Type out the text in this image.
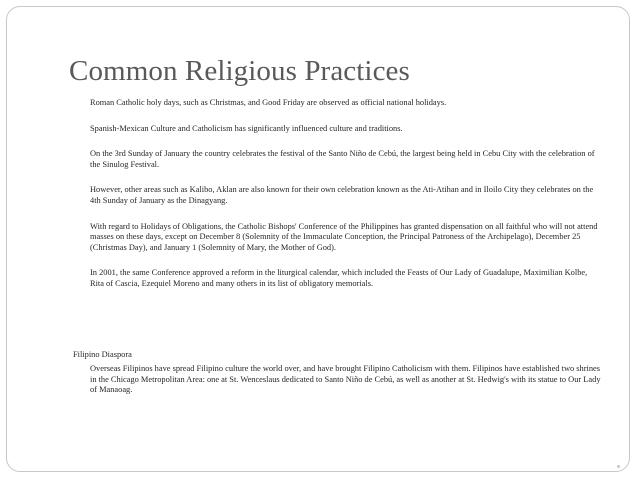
Common Religious Practices
Roman Catholic holy days, such as Christmas, and Good Friday are observed as official national holidays.
Spanish-Mexican Culture and Catholicism has significantly influenced culture and traditions.
On the 3rd Sunday of January the country celebrates the festival of the Santo Niño de Cebú, the largest being held in Cebu City with the celebration of the Sinulog Festival.
However, other areas such as Kalibo, Aklan are also known for their own celebration known as the Ati-Atihan and in Iloilo City they celebrates on the 4th Sunday of January as the Dinagyang.
With regard to Holidays of Obligations, the Catholic Bishops' Conference of the Philippines has granted dispensation on all faithful who will not attend masses on these days, except on December 8 (Solemnity of the Immaculate Conception, the Principal Patroness of the Archipelago), December 25 (Christmas Day), and January 1 (Solemnity of Mary, the Mother of God).
In 2001, the same Conference approved a reform in the liturgical calendar, which included the Feasts of Our Lady of Guadalupe, Maximilian Kolbe, Rita of Cascia, Ezequiel Moreno and many others in its list of obligatory memorials.
Filipino Diaspora
Overseas Filipinos have spread Filipino culture the world over, and have brought Filipino Catholicism with them. Filipinos have established two shrines in the Chicago Metropolitan Area: one at St. Wenceslaus dedicated to Santo Niño de Cebú, as well as another at St. Hedwig's with its statue to Our Lady of Manaoag.
